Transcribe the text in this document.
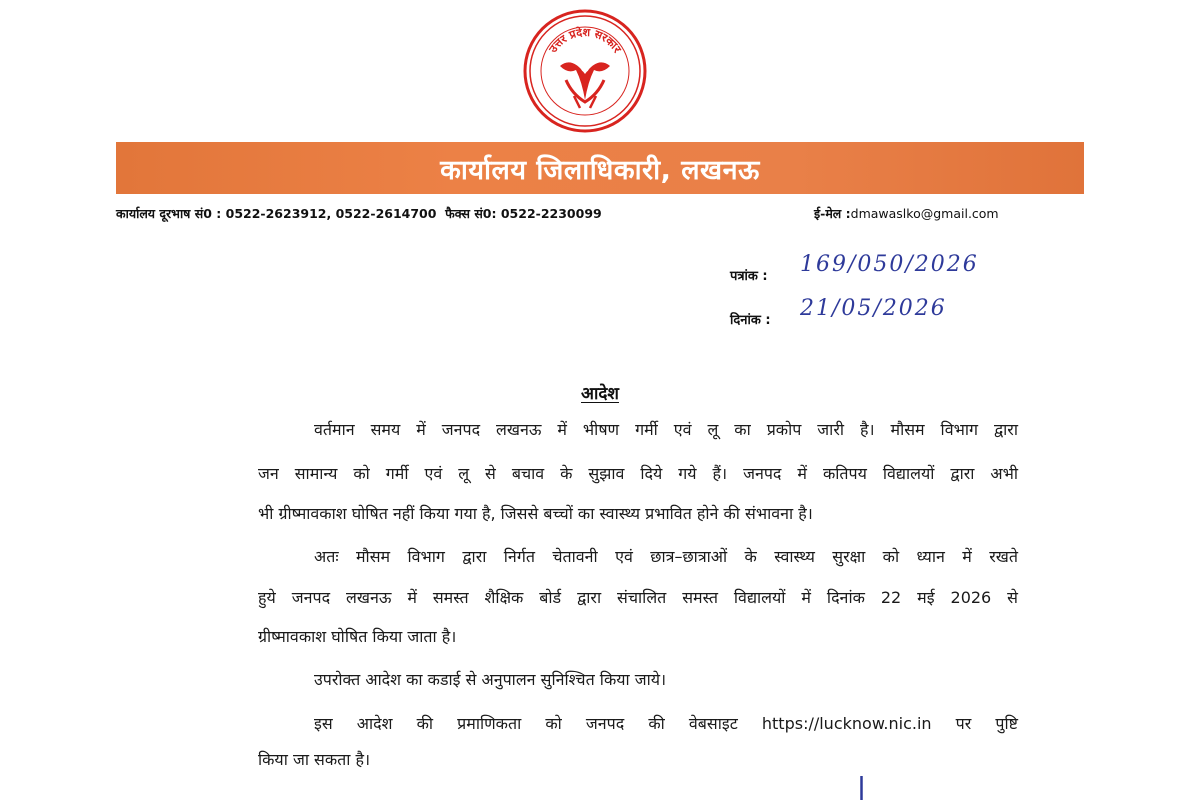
उत्तर प्रदेश सरकार
कार्यालय जिलाधिकारी, लखनऊ
कार्यालय दूरभाष सं0 : 0522-2623912, 0522-2614700 फैक्स सं0: 0522-2230099	ई-मेल :dmawaslko@gmail.com
पत्रांक : 169/050/2026
दिनांक : 21/05/2026
आदेश
वर्तमान समय में जनपद लखनऊ में भीषण गर्मी एवं लू का प्रकोप जारी है। मौसम विभाग द्वारा
जन सामान्य को गर्मी एवं लू से बचाव के सुझाव दिये गये हैं। जनपद में कतिपय विद्यालयों द्वारा अभी
भी ग्रीष्मावकाश घोषित नहीं किया गया है, जिससे बच्चों का स्वास्थ्य प्रभावित होने की संभावना है।
अतः मौसम विभाग द्वारा निर्गत चेतावनी एवं छात्र–छात्राओं के स्वास्थ्य सुरक्षा को ध्यान में रखते
हुये जनपद लखनऊ में समस्त शैक्षिक बोर्ड द्वारा संचालित समस्त विद्यालयों में दिनांक 22 मई 2026 से
ग्रीष्मावकाश घोषित किया जाता है।
उपरोक्त आदेश का कडाई से अनुपालन सुनिश्चित किया जाये।
इस आदेश की प्रमाणिकता को जनपद की वेबसाइट https://lucknow.nic.in पर पुष्टि
किया जा सकता है।
